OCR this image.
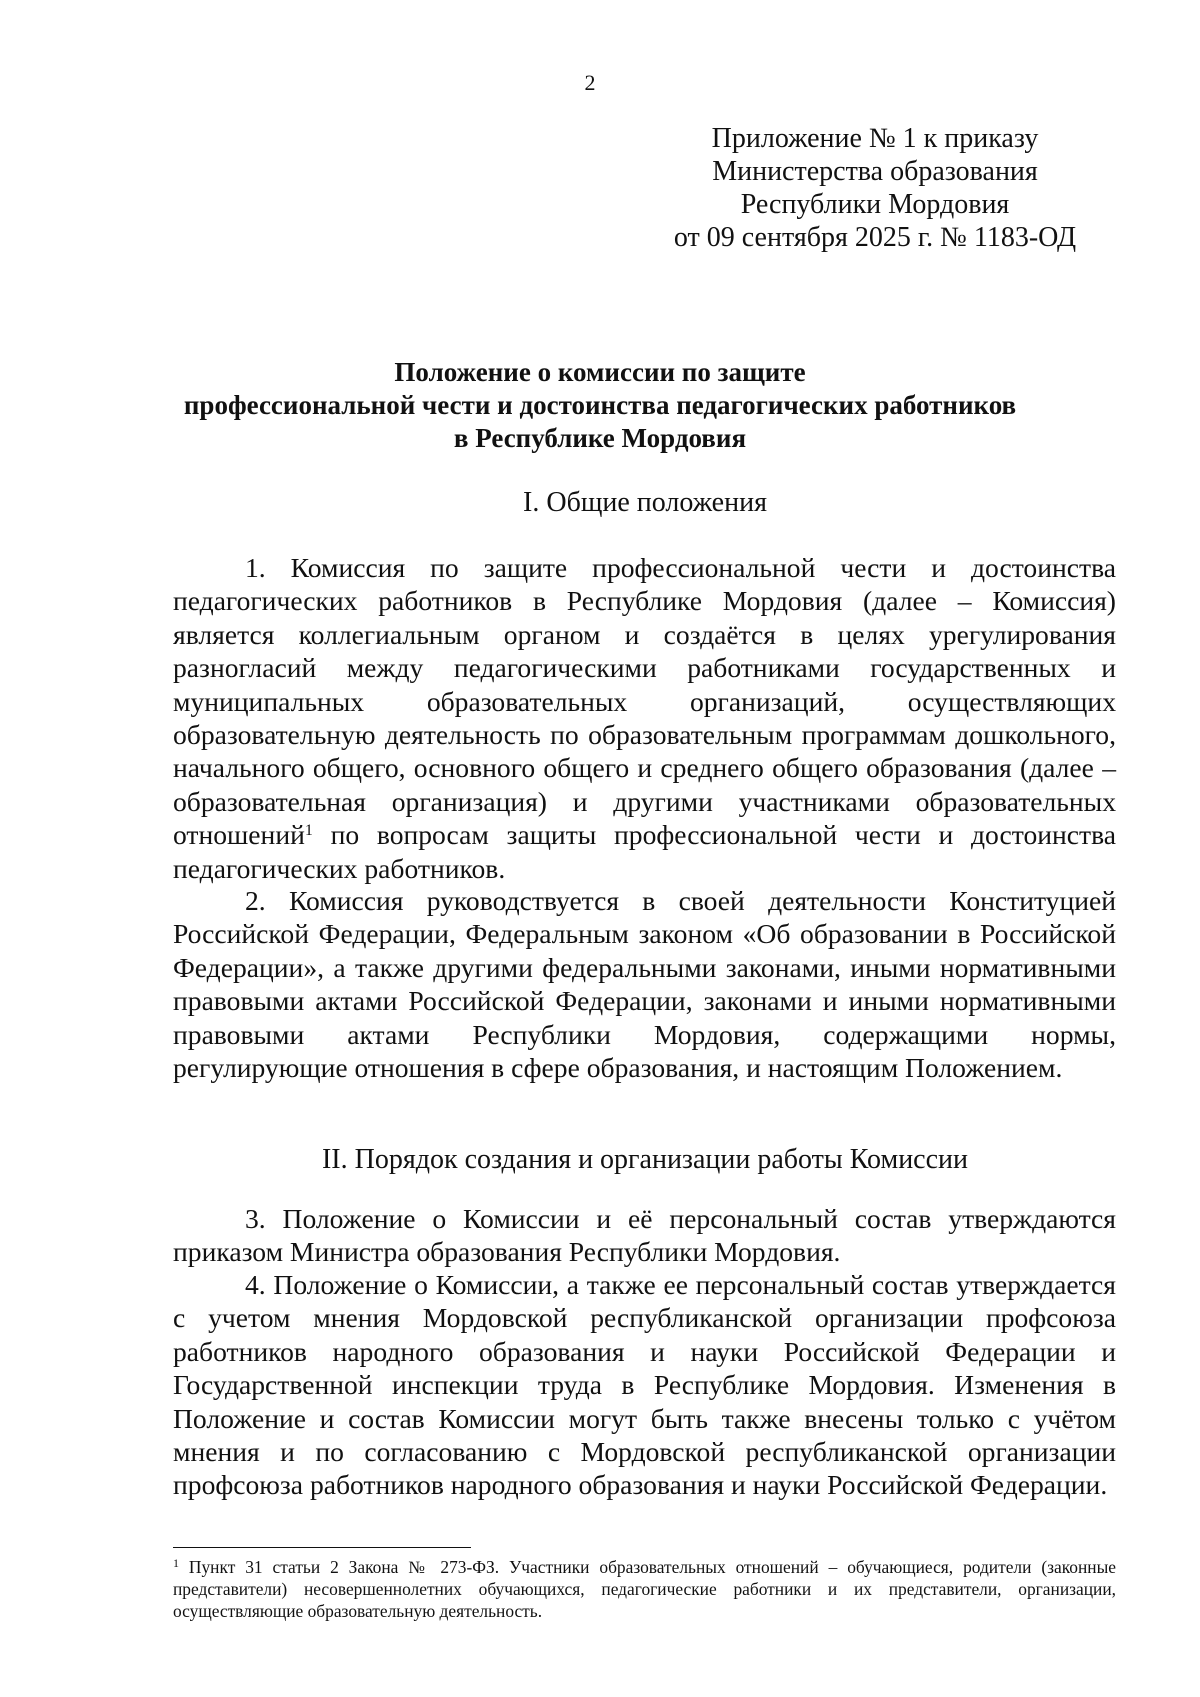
2
Приложение № 1 к приказу
Министерства образования
Республики Мордовия
от 09 сентября 2025 г. № 1183-ОД
Положение о комиссии по защите
профессиональной чести и достоинства педагогических работников
в Республике Мордовия
I. Общие положения

1. Комиссия по защите профессиональной чести и достоинства педагогических работников в Республике Мордовия (далее – Комиссия) является коллегиальным органом и создаётся в целях урегулирования разногласий между педагогическими работниками государственных и муниципальных образовательных организаций, осуществляющих образовательную деятельность по образовательным программам дошкольного, начального общего, основного общего и среднего общего образования (далее – образовательная организация) и другими участниками образовательных отношений$^1$ по вопросам защиты профессиональной чести и достоинства педагогических работников.

2. Комиссия руководствуется в своей деятельности Конституцией Российской Федерации, Федеральным законом «Об образовании в Российской Федерации», а также другими федеральными законами, иными нормативными правовыми актами Российской Федерации, законами и иными нормативными правовыми актами Республики Мордовия, содержащими нормы, регулирующие отношения в сфере образования, и настоящим Положением.

II. Порядок создания и организации работы Комиссии

3. Положение о Комиссии и её персональный состав утверждаются приказом Министра образования Республики Мордовия.

4. Положение о Комиссии, а также ее персональный состав утверждается с учетом мнения Мордовской республиканской организации профсоюза работников народного образования и науки Российской Федерации и Государственной инспекции труда в Республике Мордовия. Изменения в Положение и состав Комиссии могут быть также внесены только с учётом мнения и по согласованию с Мордовской республиканской организации профсоюза работников народного образования и науки Российской Федерации.

$^1$ Пункт 31 статьи 2 Закона № 273-ФЗ. Участники образовательных отношений – обучающиеся, родители (законные представители) несовершеннолетних обучающихся, педагогические работники и их представители, организации, осуществляющие образовательную деятельность.
